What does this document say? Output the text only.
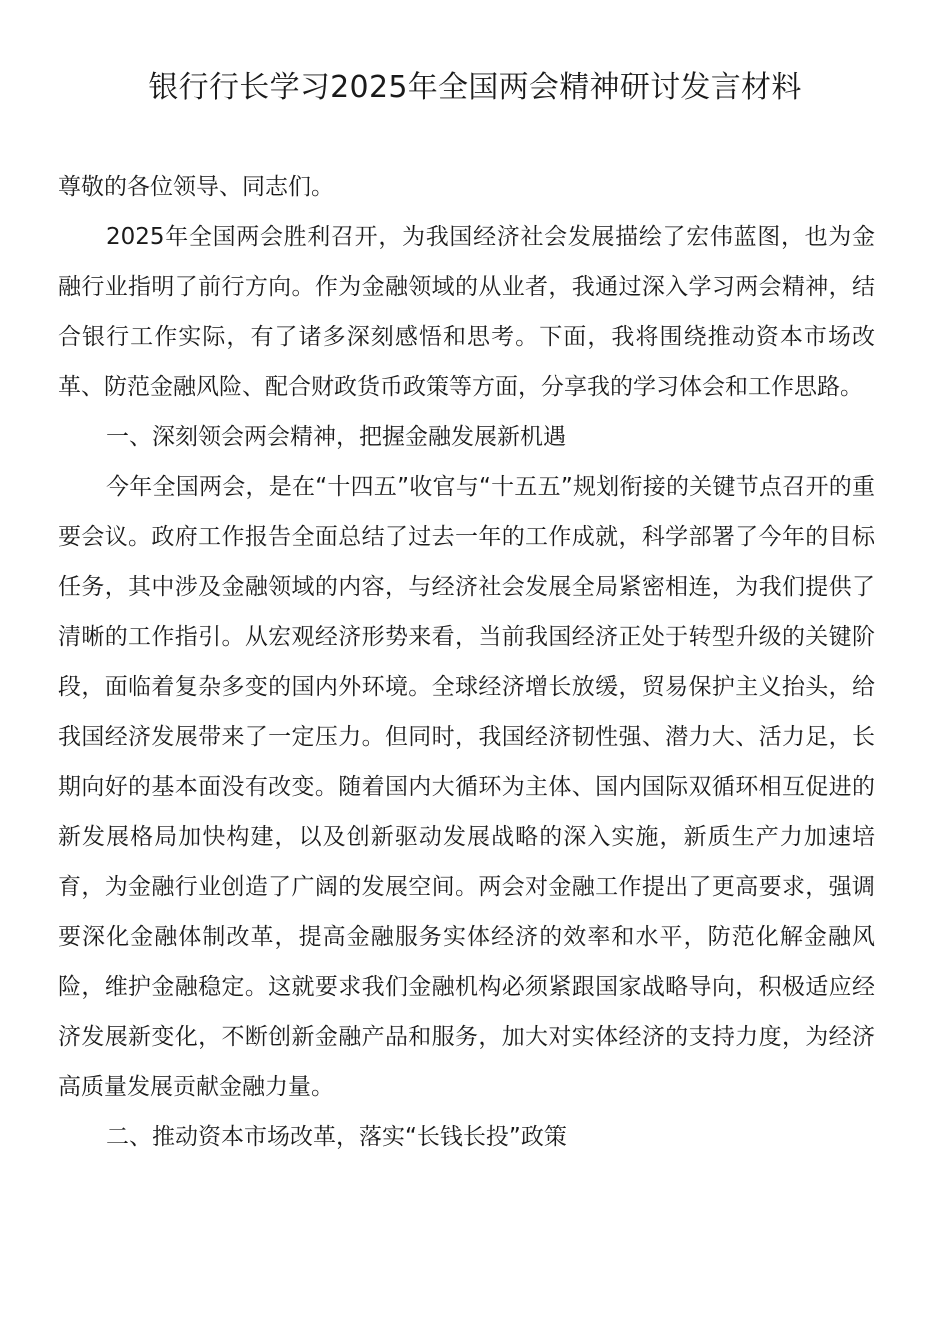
银行行长学习2025年全国两会精神研讨发言材料

尊敬的各位领导、同志们。

2025年全国两会胜利召开，为我国经济社会发展描绘了宏伟蓝图，也为金融行业指明了前行方向。作为金融领域的从业者，我通过深入学习两会精神，结合银行工作实际，有了诸多深刻感悟和思考。下面，我将围绕推动资本市场改革、防范金融风险、配合财政货币政策等方面，分享我的学习体会和工作思路。

一、深刻领会两会精神，把握金融发展新机遇

今年全国两会，是在“十四五”收官与“十五五”规划衔接的关键节点召开的重要会议。政府工作报告全面总结了过去一年的工作成就，科学部署了今年的目标任务，其中涉及金融领域的内容，与经济社会发展全局紧密相连，为我们提供了清晰的工作指引。从宏观经济形势来看，当前我国经济正处于转型升级的关键阶段，面临着复杂多变的国内外环境。全球经济增长放缓，贸易保护主义抬头，给我国经济发展带来了一定压力。但同时，我国经济韧性强、潜力大、活力足，长期向好的基本面没有改变。随着国内大循环为主体、国内国际双循环相互促进的新发展格局加快构建，以及创新驱动发展战略的深入实施，新质生产力加速培育，为金融行业创造了广阔的发展空间。两会对金融工作提出了更高要求，强调要深化金融体制改革，提高金融服务实体经济的效率和水平，防范化解金融风险，维护金融稳定。这就要求我们金融机构必须紧跟国家战略导向，积极适应经济发展新变化，不断创新金融产品和服务，加大对实体经济的支持力度，为经济高质量发展贡献金融力量。

二、推动资本市场改革，落实“长钱长投”政策
